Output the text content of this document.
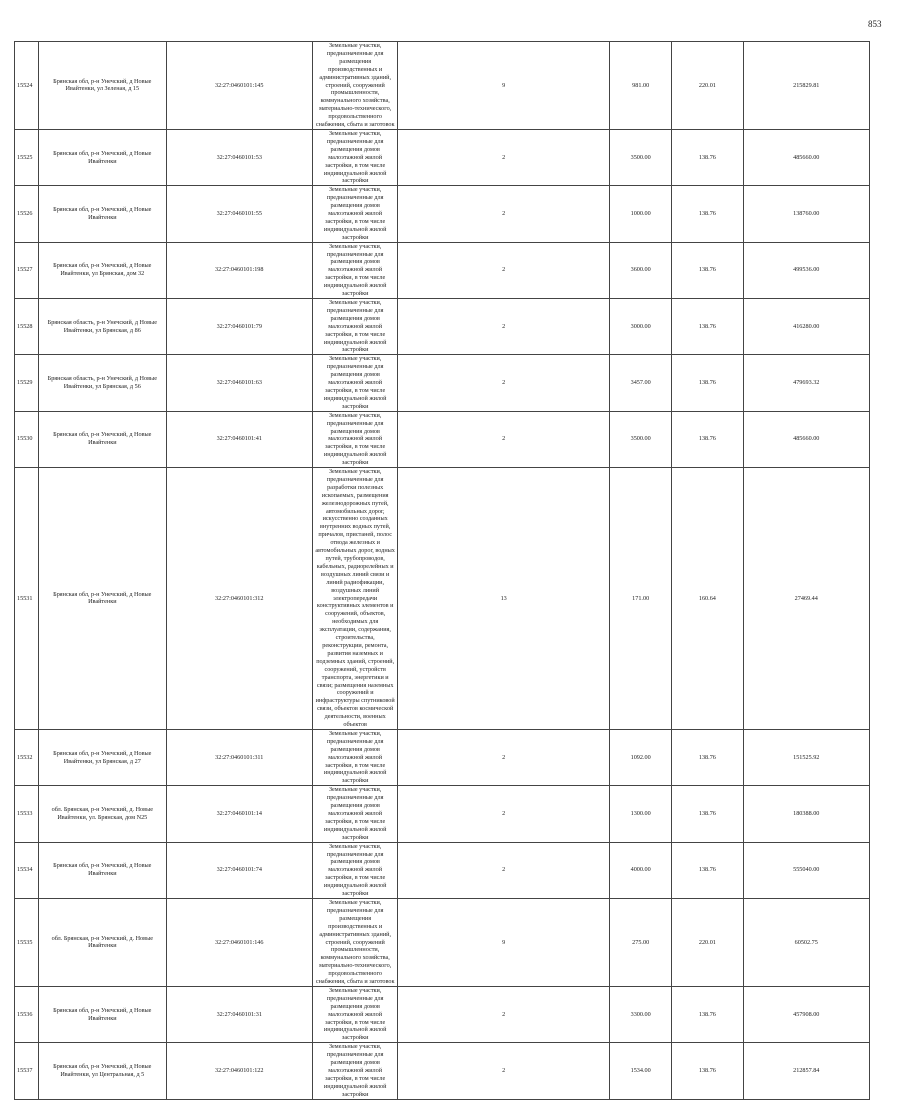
853
15524	Брянская обл, р-н Унечский, д Новые Ивайтенки, ул Зеленая, д 15	32:27:0460101:145	Земельные участки, предназначенные для размещения производственных и административных зданий, строений, сооружений промышленности, коммунального хозяйства, материально-технического, продовольственного снабжения, сбыта и заготовок	9	981.00	220.01	215829.81
15525	Брянская обл, р-н Унечский, д Новые Ивайтенки	32:27:0460101:53	Земельные участки, предназначенные для размещения домов малоэтажной жилой застройки, в том числе индивидуальной жилой застройки	2	3500.00	138.76	485660.00
15526	Брянская обл, р-н Унечский, д Новые Ивайтенки	32:27:0460101:55	Земельные участки, предназначенные для размещения домов малоэтажной жилой застройки, в том числе индивидуальной жилой застройки	2	1000.00	138.76	138760.00
15527	Брянская обл, р-н Унечский, д Новые Ивайтенки, ул Брянская, дом 32	32:27:0460101:198	Земельные участки, предназначенные для размещения домов малоэтажной жилой застройки, в том числе индивидуальной жилой застройки	2	3600.00	138.76	499536.00
15528	Брянская область, р-н Унечский, д Новые Ивайтенки, ул Брянская, д 86	32:27:0460101:79	Земельные участки, предназначенные для размещения домов малоэтажной жилой застройки, в том числе индивидуальной жилой застройки	2	3000.00	138.76	416280.00
15529	Брянская область, р-н Унечский, д Новые Ивайтенки, ул Брянская, д 56	32:27:0460101:63	Земельные участки, предназначенные для размещения домов малоэтажной жилой застройки, в том числе индивидуальной жилой застройки	2	3457.00	138.76	479693.32
15530	Брянская обл, р-н Унечский, д Новые Ивайтенки	32:27:0460101:41	Земельные участки, предназначенные для размещения домов малоэтажной жилой застройки, в том числе индивидуальной жилой застройки	2	3500.00	138.76	485660.00
15531	Брянская обл, р-н Унечский, д Новые Ивайтенки	32:27:0460101:312	Земельные участки, предназначенные для разработки полезных ископаемых, размещения железнодорожных путей, автомобильных дорог, искусственно созданных внутренних водных путей, причалов, пристаней, полос отвода железных и автомобильных дорог, водных путей, трубопроводов, кабельных, радиорелейных и воздушных линий связи и линий радиофикации, воздушных линий электропередачи конструктивных элементов и сооружений, объектов, необходимых для эксплуатации, содержания, строительства, реконструкции, ремонта, развития наземных и подземных зданий, строений, сооружений, устройств транспорта, энергетики и связи; размещения наземных сооружений и инфраструктуры спутниковой связи, объектов космической деятельности, военных объектов	13	171.00	160.64	27469.44
15532	Брянская обл, р-н Унечский, д Новые Ивайтенки, ул Брянская, д 27	32:27:0460101:311	Земельные участки, предназначенные для размещения домов малоэтажной жилой застройки, в том числе индивидуальной жилой застройки	2	1092.00	138.76	151525.92
15533	обл. Брянская, р-н Унечский, д. Новые Ивайтенки, ул. Брянская, дом N25	32:27:0460101:14	Земельные участки, предназначенные для размещения домов малоэтажной жилой застройки, в том числе индивидуальной жилой застройки	2	1300.00	138.76	180388.00
15534	Брянская обл, р-н Унечский, д Новые Ивайтенки	32:27:0460101:74	Земельные участки, предназначенные для размещения домов малоэтажной жилой застройки, в том числе индивидуальной жилой застройки	2	4000.00	138.76	555040.00
15535	обл. Брянская, р-н Унечский, д. Новые Ивайтенки	32:27:0460101:146	Земельные участки, предназначенные для размещения производственных и административных зданий, строений, сооружений промышленности, коммунального хозяйства, материально-технического, продовольственного снабжения, сбыта и заготовок	9	275.00	220.01	60502.75
15536	Брянская обл, р-н Унечский, д Новые Ивайтенки	32:27:0460101:31	Земельные участки, предназначенные для размещения домов малоэтажной жилой застройки, в том числе индивидуальной жилой застройки	2	3300.00	138.76	457908.00
15537	Брянская обл, р-н Унечский, д Новые Ивайтенки, ул Центральная, д 5	32:27:0460101:122	Земельные участки, предназначенные для размещения домов малоэтажной жилой застройки, в том числе индивидуальной жилой застройки	2	1534.00	138.76	212857.84
